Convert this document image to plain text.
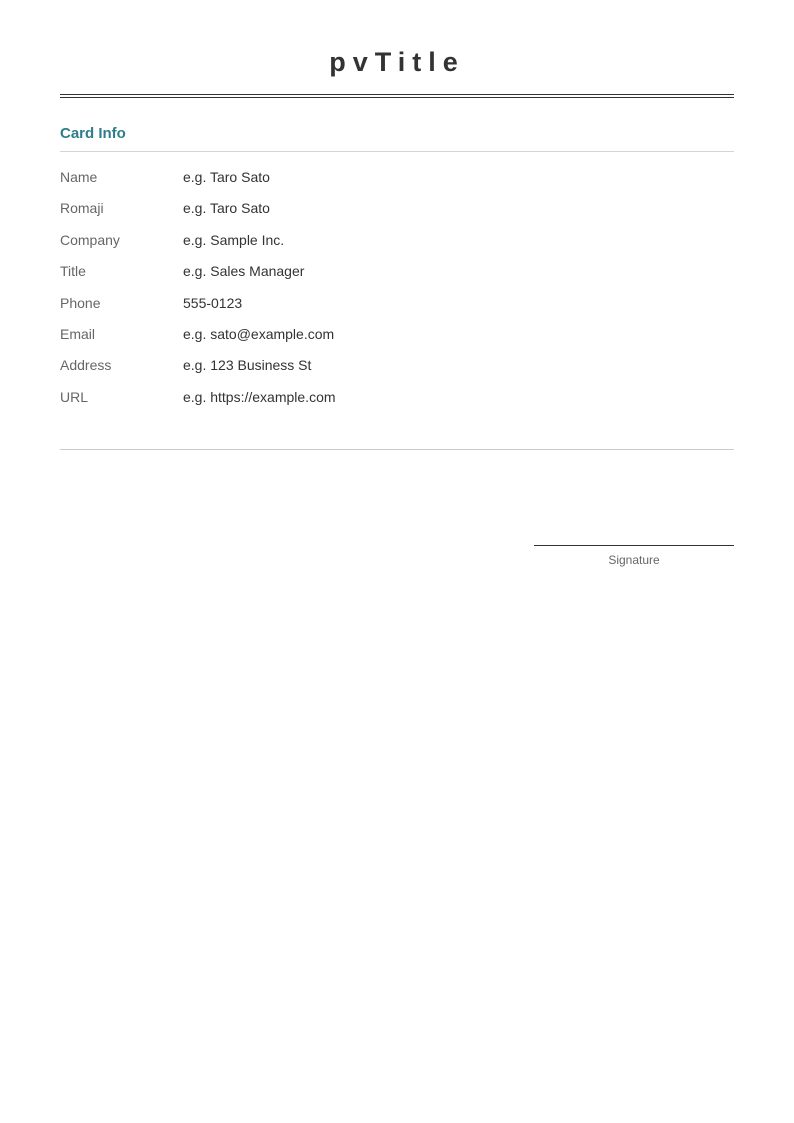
pvTitle
Card Info
Name	e.g. Taro Sato
Romaji	e.g. Taro Sato
Company	e.g. Sample Inc.
Title	e.g. Sales Manager
Phone	555-0123
Email	e.g. sato@example.com
Address	e.g. 123 Business St
URL	e.g. https://example.com
Signature
